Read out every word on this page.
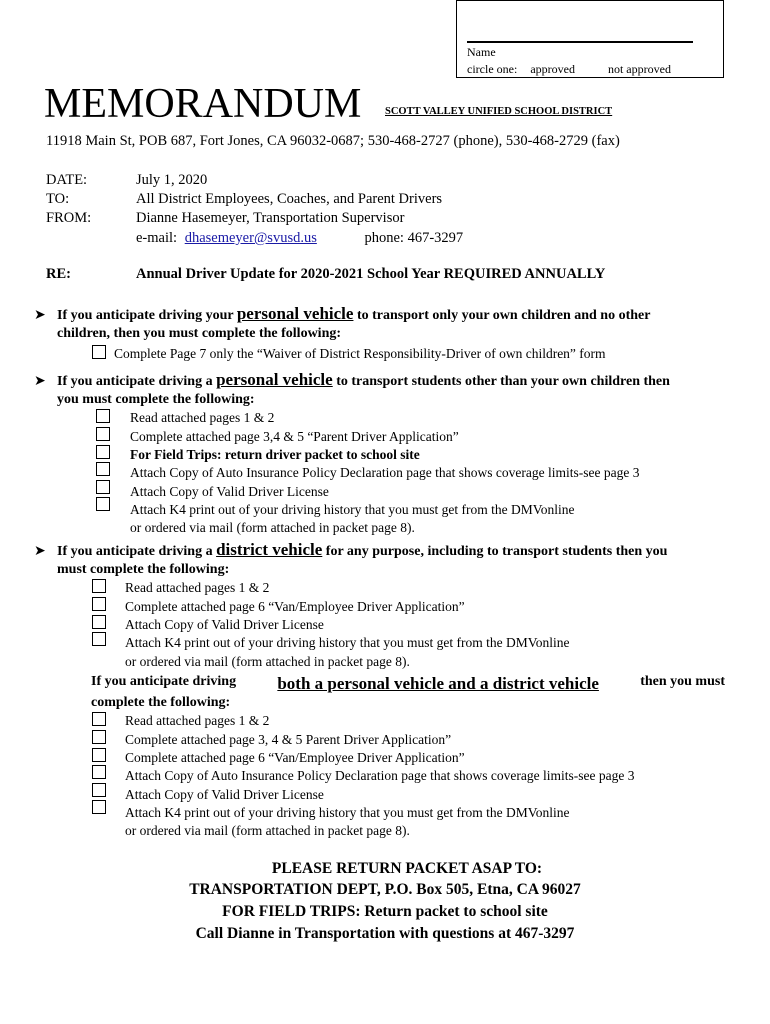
Name
circle one: approved	not approved
MEMORANDUM SCOTT VALLEY UNIFIED SCHOOL DISTRICT
11918 Main St, POB 687, Fort Jones, CA 96032-0687; 530-468-2727 (phone), 530-468-2729 (fax)
DATE:	July 1, 2020
TO:	All District Employees, Coaches, and Parent Drivers
FROM:	Dianne Hasemeyer, Transportation Supervisor
e-mail: dhasemeyer@svusd.us	phone: 467-3297
RE:	Annual Driver Update for 2020-2021 School Year REQUIRED ANNUALLY
➤ If you anticipate driving your personal vehicle to transport only your own children and no other
children, then you must complete the following:
Complete Page 7 only the “Waiver of District Responsibility-Driver of own children” form
➤ If you anticipate driving a personal vehicle to transport students other than your own children then
you must complete the following:
Read attached pages 1 & 2
Complete attached page 3,4 & 5 “Parent Driver Application”
For Field Trips: return driver packet to school site
Attach Copy of Auto Insurance Policy Declaration page that shows coverage limits-see page 3
Attach Copy of Valid Driver License
Attach K4 print out of your driving history that you must get from the DMVonline
or ordered via mail (form attached in packet page 8).
➤ If you anticipate driving a district vehicle for any purpose, including to transport students then you
must complete the following:
Read attached pages 1 & 2
Complete attached page 6 “Van/Employee Driver Application”
Attach Copy of Valid Driver License
Attach K4 print out of your driving history that you must get from the DMVonline
or ordered via mail (form attached in packet page 8).
If you anticipate driving both a personal vehicle and a district vehicle	then you must
complete the following:
Read attached pages 1 & 2
Complete attached page 3, 4 & 5 Parent Driver Application”
Complete attached page 6 “Van/Employee Driver Application”
Attach Copy of Auto Insurance Policy Declaration page that shows coverage limits-see page 3
Attach Copy of Valid Driver License
Attach K4 print out of your driving history that you must get from the DMVonline
or ordered via mail (form attached in packet page 8).
PLEASE RETURN PACKET ASAP TO:
TRANSPORTATION DEPT, P.O. Box 505, Etna, CA 96027
FOR FIELD TRIPS: Return packet to school site
Call Dianne in Transportation with questions at 467-3297
